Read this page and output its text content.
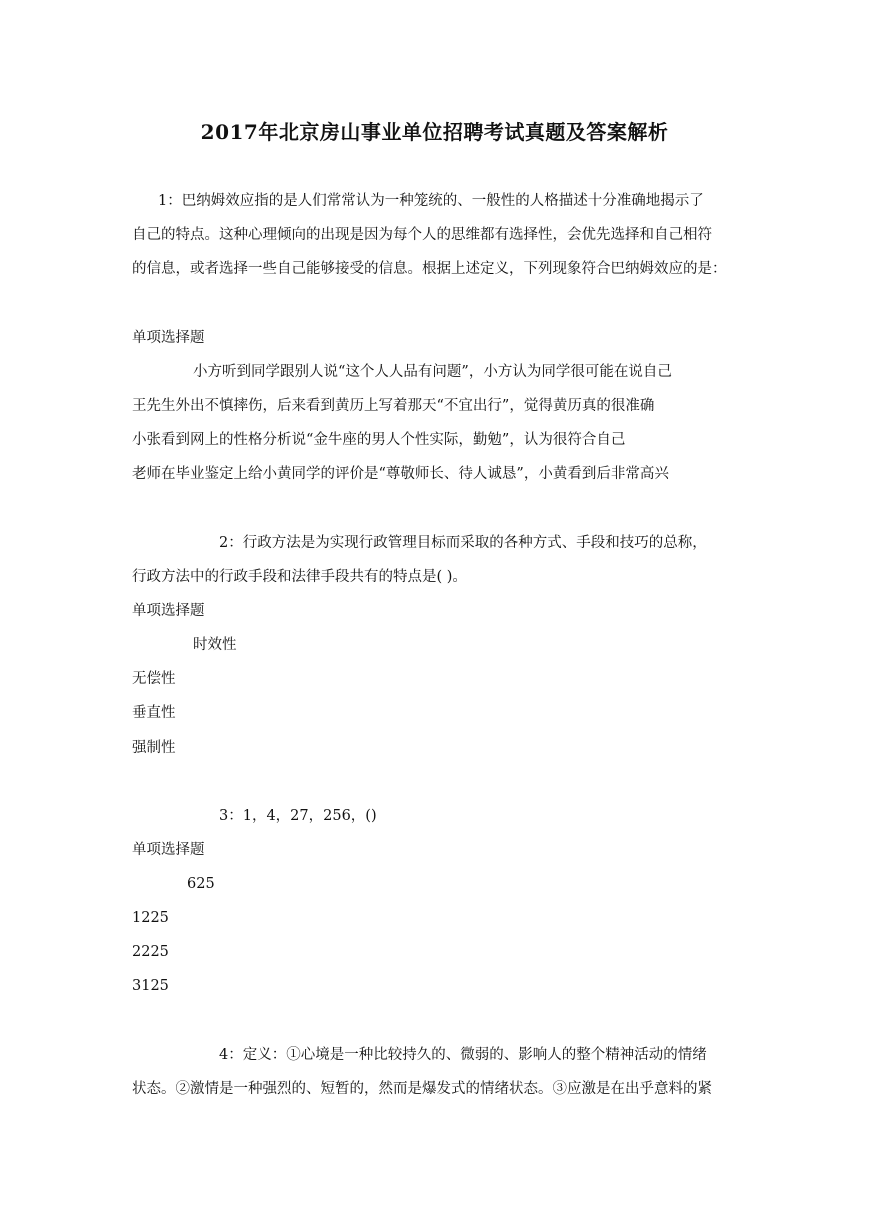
2017年北京房山事业单位招聘考试真题及答案解析
1：巴纳姆效应指的是人们常常认为一种笼统的、一般性的人格描述十分准确地揭示了
自己的特点。这种心理倾向的出现是因为每个人的思维都有选择性，会优先选择和自己相符
的信息，或者选择一些自己能够接受的信息。根据上述定义，下列现象符合巴纳姆效应的是：
单项选择题
小方听到同学跟别人说“这个人人品有问题”，小方认为同学很可能在说自己
王先生外出不慎摔伤，后来看到黄历上写着那天“不宜出行”，觉得黄历真的很准确
小张看到网上的性格分析说“金牛座的男人个性实际，勤勉”，认为很符合自己
老师在毕业鉴定上给小黄同学的评价是“尊敬师长、待人诚恳”，小黄看到后非常高兴
2：行政方法是为实现行政管理目标而采取的各种方式、手段和技巧的总称，
行政方法中的行政手段和法律手段共有的特点是( )。
单项选择题
时效性
无偿性
垂直性
强制性
3：1，4，27，256，()
单项选择题
625
1225
2225
3125
4：定义：①心境是一种比较持久的、微弱的、影响人的整个精神活动的情绪
状态。②激情是一种强烈的、短暂的，然而是爆发式的情绪状态。③应激是在出乎意料的紧
